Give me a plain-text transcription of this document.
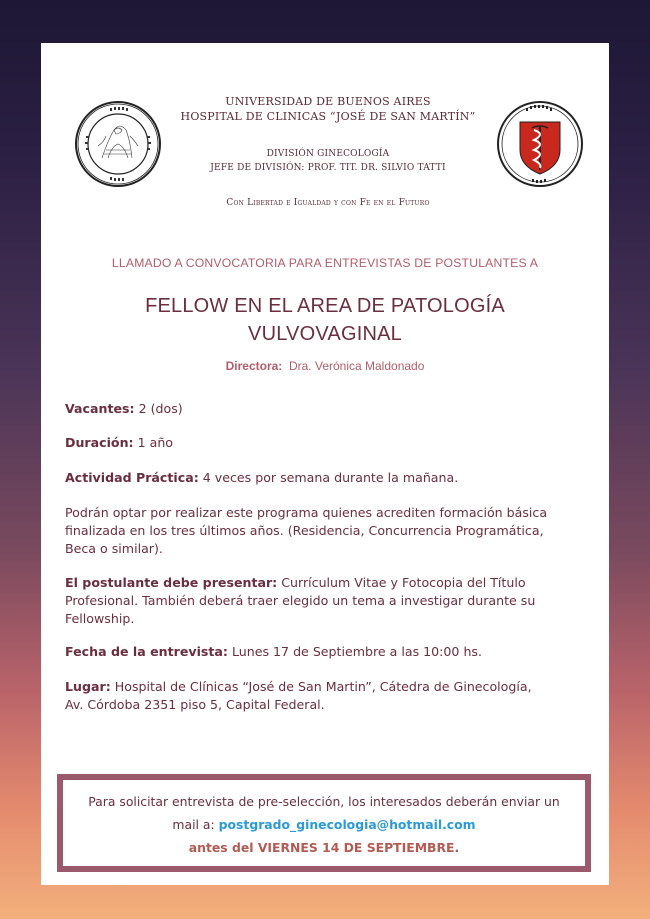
UNIVERSIDAD DE BUENOS AIRES
HOSPITAL DE CLINICAS “JOSÉ DE SAN MARTÍN”
DIVISIÓN GINECOLOGÍA
JEFE DE DIVISIÓN: PROF. TIT. DR. SILVIO TATTI
Con Libertad e Igualdad y con Fe en el Futuro
LLAMADO A CONVOCATORIA PARA ENTREVISTAS DE POSTULANTES A
FELLOW EN EL AREA DE PATOLOGÍA
VULVOVAGINAL
Directora: Dra. Verónica Maldonado

Vacantes: 2 (dos)

Duración: 1 año

Actividad Práctica: 4 veces por semana durante la mañana.

Podrán optar por realizar este programa quienes acrediten formación básica

finalizada en los tres últimos años. (Residencia, Concurrencia Programática,

Beca o similar).

El postulante debe presentar: Currículum Vitae y Fotocopia del Título

Profesional. También deberá traer elegido un tema a investigar durante su

Fellowship.

Fecha de la entrevista: Lunes 17 de Septiembre a las 10:00 hs.

Lugar: Hospital de Clínicas “José de San Martin”, Cátedra de Ginecología,

Av. Córdoba 2351 piso 5, Capital Federal.

Para solicitar entrevista de pre-selección, los interesados deberán enviar un
mail a: postgrado_ginecologia@hotmail.com
antes del VIERNES 14 DE SEPTIEMBRE.
